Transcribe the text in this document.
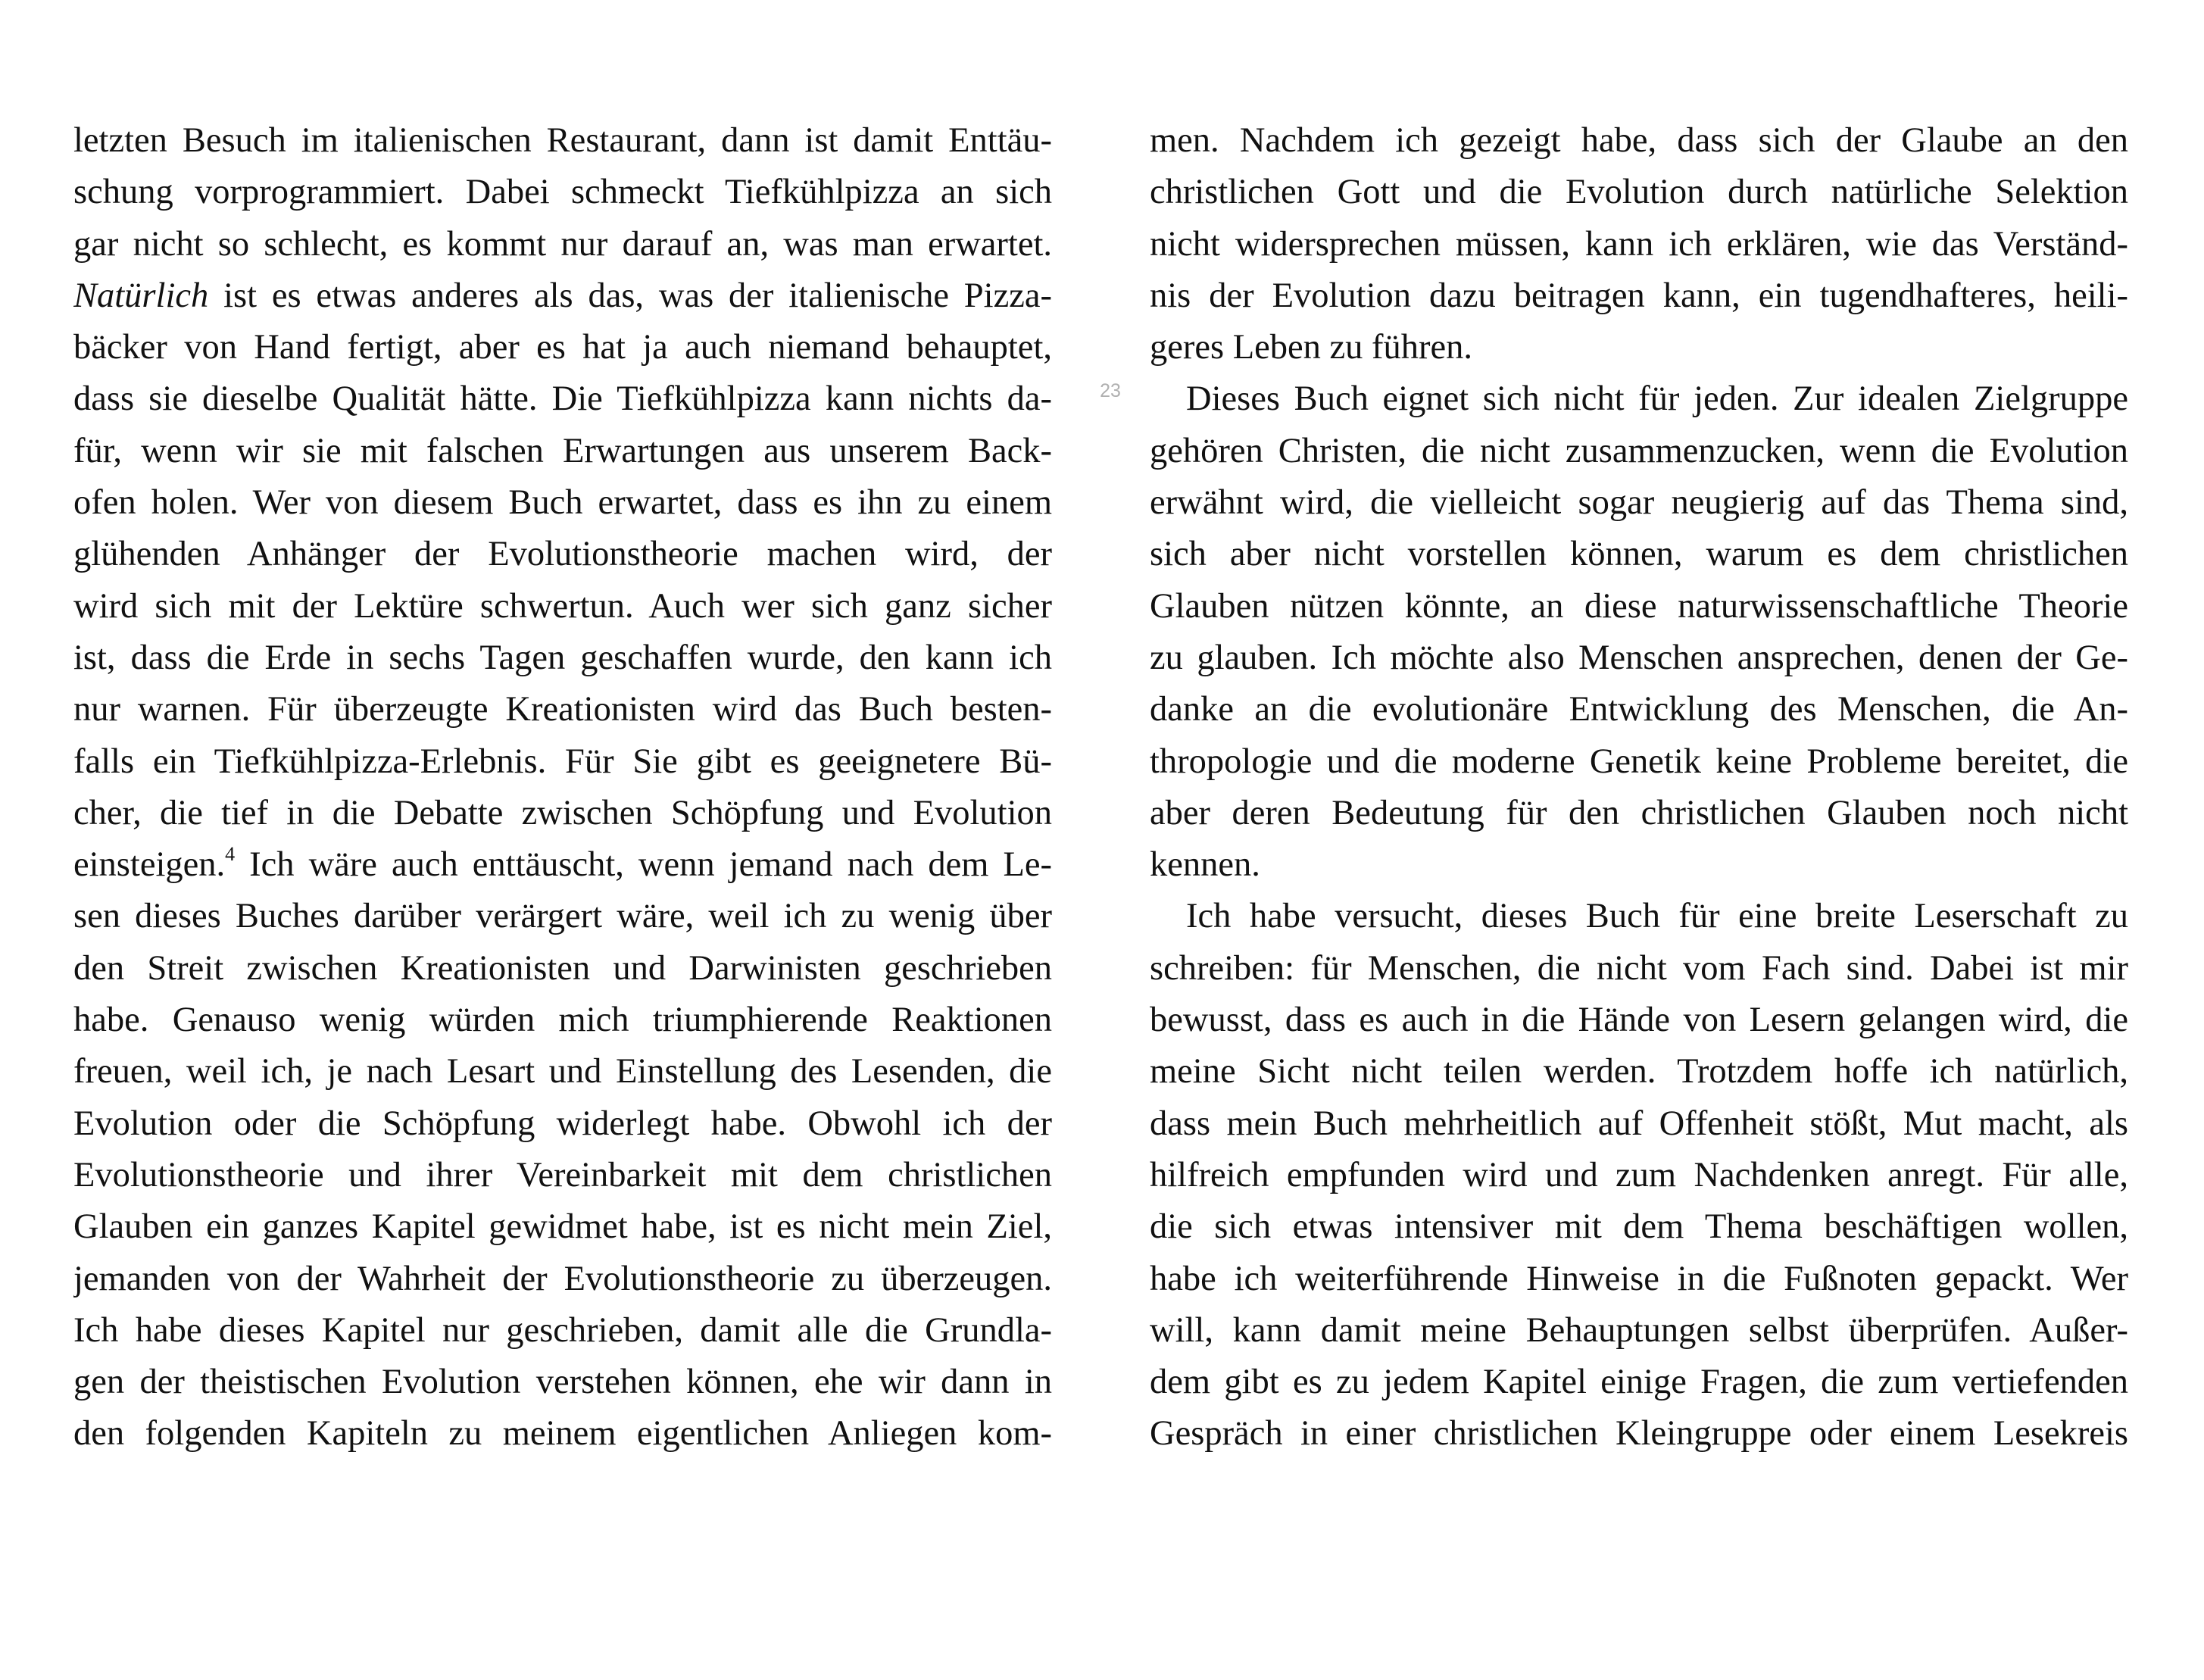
letzten Besuch im italienischen Restaurant, dann ist damit Enttäu-
schung vorprogrammiert. Dabei schmeckt Tiefkühlpizza an sich
gar nicht so schlecht, es kommt nur darauf an, was man erwartet.
Natürlich ist es etwas anderes als das, was der italienische Pizza-
bäcker von Hand fertigt, aber es hat ja auch niemand behauptet,
dass sie dieselbe Qualität hätte. Die Tiefkühlpizza kann nichts da-
für, wenn wir sie mit falschen Erwartungen aus unserem Back-
ofen holen. Wer von diesem Buch erwartet, dass es ihn zu einem
glühenden Anhänger der Evolutionstheorie machen wird, der
wird sich mit der Lektüre schwertun. Auch wer sich ganz sicher
ist, dass die Erde in sechs Tagen geschaffen wurde, den kann ich
nur warnen. Für überzeugte Kreationisten wird das Buch besten-
falls ein Tiefkühlpizza-Erlebnis. Für Sie gibt es geeignetere Bü-
cher, die tief in die Debatte zwischen Schöpfung und Evolution
einsteigen.$^4$ Ich wäre auch enttäuscht, wenn jemand nach dem Le-
sen dieses Buches darüber verärgert wäre, weil ich zu wenig über
den Streit zwischen Kreationisten und Darwinisten geschrieben
habe. Genauso wenig würden mich triumphierende Reaktionen
freuen, weil ich, je nach Lesart und Einstellung des Lesenden, die
Evolution oder die Schöpfung widerlegt habe. Obwohl ich der
Evolutionstheorie und ihrer Vereinbarkeit mit dem christlichen
Glauben ein ganzes Kapitel gewidmet habe, ist es nicht mein Ziel,
jemanden von der Wahrheit der Evolutionstheorie zu überzeugen.
Ich habe dieses Kapitel nur geschrieben, damit alle die Grundla-
gen der theistischen Evolution verstehen können, ehe wir dann in
den folgenden Kapiteln zu meinem eigentlichen Anliegen kom-
23
men. Nachdem ich gezeigt habe, dass sich der Glaube an den
christlichen Gott und die Evolution durch natürliche Selektion
nicht widersprechen müssen, kann ich erklären, wie das Verständ-
nis der Evolution dazu beitragen kann, ein tugendhafteres, heili-
geres Leben zu führen.
Dieses Buch eignet sich nicht für jeden. Zur idealen Zielgruppe
gehören Christen, die nicht zusammenzucken, wenn die Evolution
erwähnt wird, die vielleicht sogar neugierig auf das Thema sind,
sich aber nicht vorstellen können, warum es dem christlichen
Glauben nützen könnte, an diese naturwissenschaftliche Theorie
zu glauben. Ich möchte also Menschen ansprechen, denen der Ge-
danke an die evolutionäre Entwicklung des Menschen, die An-
thropologie und die moderne Genetik keine Probleme bereitet, die
aber deren Bedeutung für den christlichen Glauben noch nicht
kennen.
Ich habe versucht, dieses Buch für eine breite Leserschaft zu
schreiben: für Menschen, die nicht vom Fach sind. Dabei ist mir
bewusst, dass es auch in die Hände von Lesern gelangen wird, die
meine Sicht nicht teilen werden. Trotzdem hoffe ich natürlich,
dass mein Buch mehrheitlich auf Offenheit stößt, Mut macht, als
hilfreich empfunden wird und zum Nachdenken anregt. Für alle,
die sich etwas intensiver mit dem Thema beschäftigen wollen,
habe ich weiterführende Hinweise in die Fußnoten gepackt. Wer
will, kann damit meine Behauptungen selbst überprüfen. Außer-
dem gibt es zu jedem Kapitel einige Fragen, die zum vertiefenden
Gespräch in einer christlichen Kleingruppe oder einem Lesekreis
